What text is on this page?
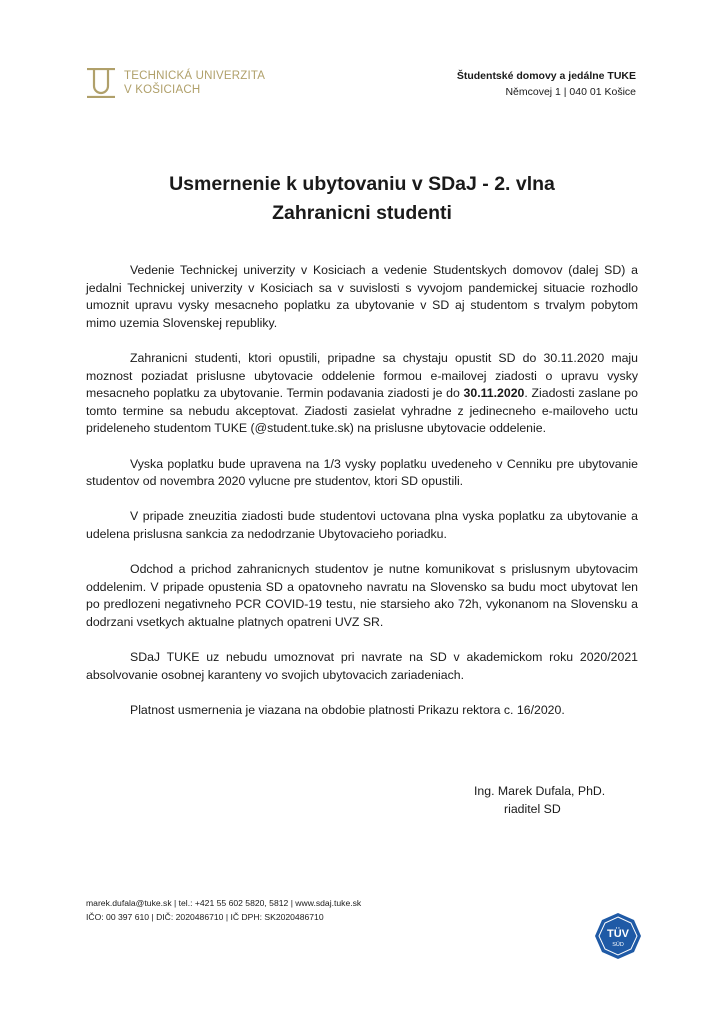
TECHNICKÁ UNIVERZITA
V KOŠICIACH
Študentské domovy a jedálne TUKE
Němcovej 1 | 040 01 Košice
Usmernenie k ubytovaniu v SDaJ - 2. vlna
Zahranicni studenti

Vedenie Technickej univerzity v Kosiciach a vedenie Studentskych domovov (dalej SD) a jedalni Technickej univerzity v Kosiciach sa v suvislosti s vyvojom pandemickej situacie rozhodlo umoznit upravu vysky mesacneho poplatku za ubytovanie v SD aj studentom s trvalym pobytom mimo uzemia Slovenskej republiky.

Zahranicni studenti, ktori opustili, pripadne sa chystaju opustit SD do 30.11.2020 maju moznost poziadat prislusne ubytovacie oddelenie formou e-mailovej ziadosti o upravu vysky mesacneho poplatku za ubytovanie. Termin podavania ziadosti je do 30.11.2020. Ziadosti zaslane po tomto termine sa nebudu akceptovat. Ziadosti zasielat vyhradne z jedinecneho e-mailoveho uctu prideleneho studentom TUKE (@student.tuke.sk) na prislusne ubytovacie oddelenie.

Vyska poplatku bude upravena na 1/3 vysky poplatku uvedeneho v Cenniku pre ubytovanie studentov od novembra 2020 vylucne pre studentov, ktori SD opustili.

V pripade zneuzitia ziadosti bude studentovi uctovana plna vyska poplatku za ubytovanie a udelena prislusna sankcia za nedodrzanie Ubytovacieho poriadku.

Odchod a prichod zahranicnych studentov je nutne komunikovat s prislusnym ubytovacim oddelenim. V pripade opustenia SD a opatovneho navratu na Slovensko sa budu moct ubytovat len po predlozeni negativneho PCR COVID-19 testu, nie starsieho ako 72h, vykonanom na Slovensku a dodrzani vsetkych aktualne platnych opatreni UVZ SR.

SDaJ TUKE uz nebudu umoznovat pri navrate na SD v akademickom roku 2020/2021 absolvovanie osobnej karanteny vo svojich ubytovacich zariadeniach.

Platnost usmernenia je viazana na obdobie platnosti Prikazu rektora c. 16/2020.

Ing. Marek Dufala, PhD.
riaditel SD
marek.dufala@tuke.sk | tel.: +421 55 602 5820, 5812 | www.sdaj.tuke.sk
IČO: 00 397 610 | DIČ: 2020486710 | IČ DPH: SK2020486710
TÜV
SÜD
